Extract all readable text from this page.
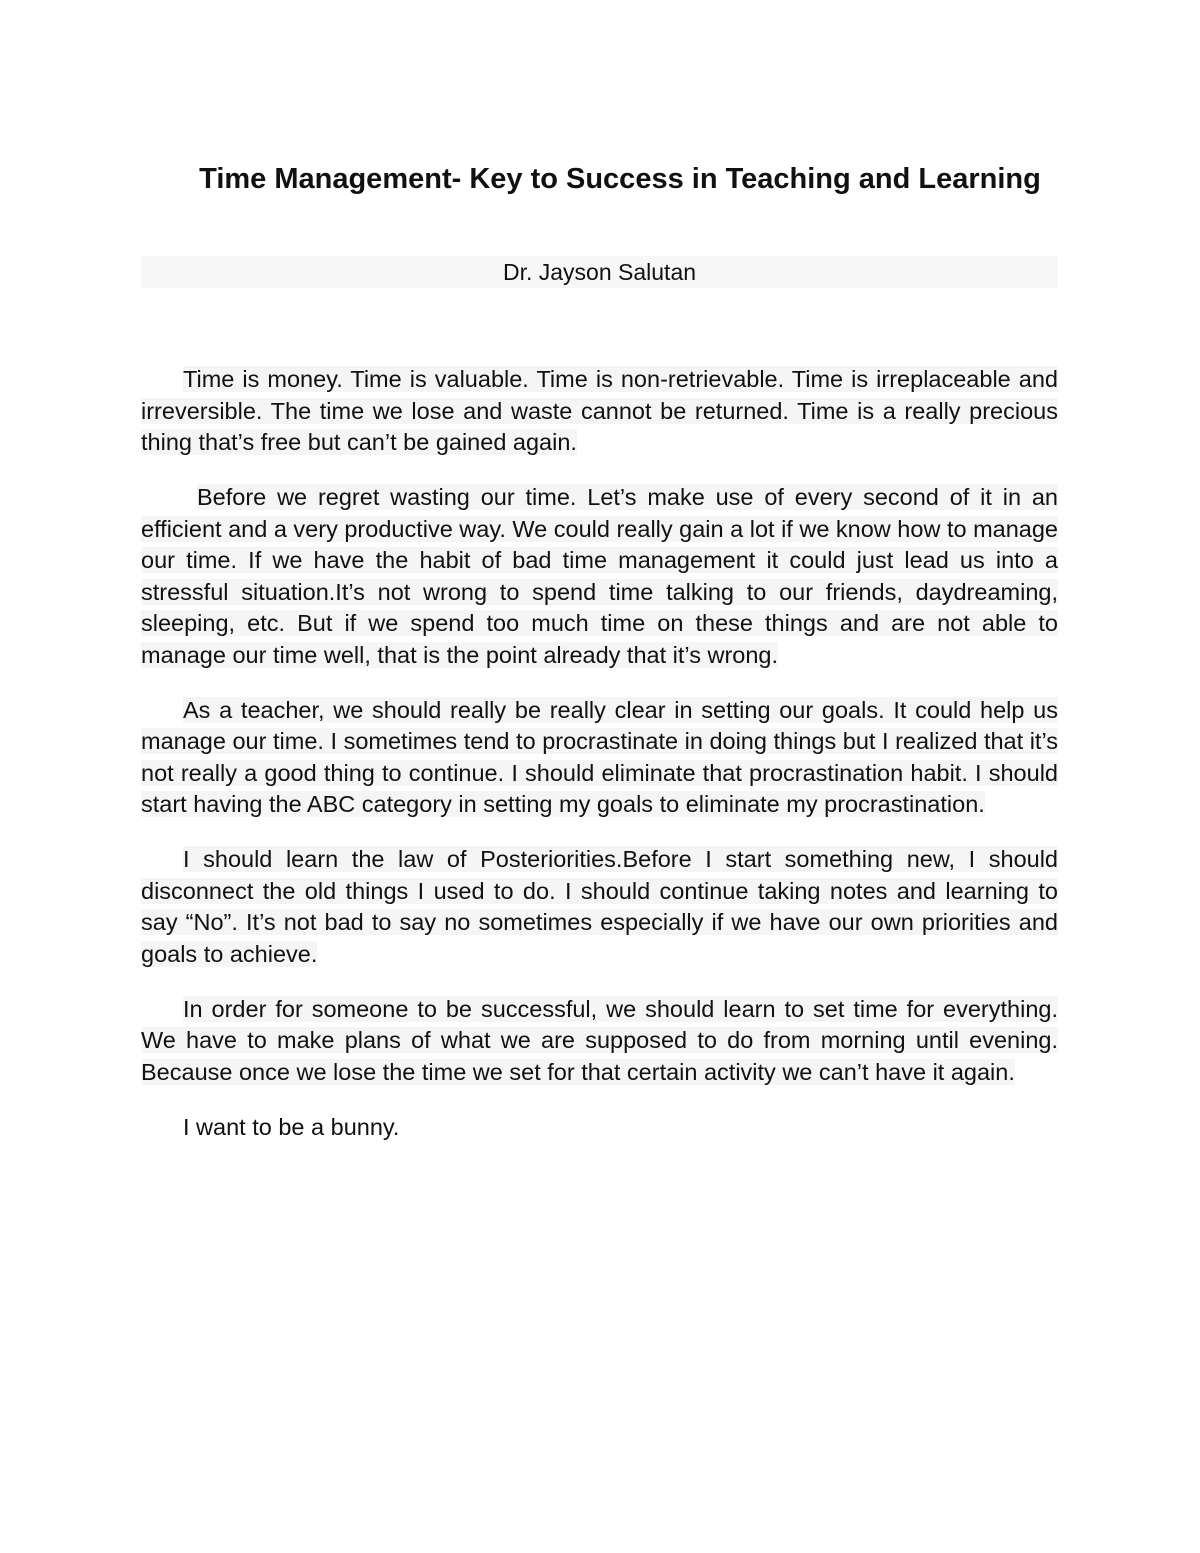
Time Management- Key to Success in Teaching and Learning
Dr. Jayson Salutan

Time is money. Time is valuable. Time is non-retrievable. Time is irreplaceable and irreversible. The time we lose and waste cannot be returned. Time is a really precious thing that’s free but can’t be gained again.

Before we regret wasting our time. Let’s make use of every second of it in an efficient and a very productive way. We could really gain a lot if we know how to manage our time. If we have the habit of bad time management it could just lead us into a stressful situation.It’s not wrong to spend time talking to our friends, daydreaming, sleeping, etc. But if we spend too much time on these things and are not able to manage our time well, that is the point already that it’s wrong.

As a teacher, we should really be really clear in setting our goals. It could help us manage our time. I sometimes tend to procrastinate in doing things but I realized that it’s not really a good thing to continue. I should eliminate that procrastination habit. I should start having the ABC category in setting my goals to eliminate my procrastination.

I should learn the law of Posteriorities.Before I start something new, I should disconnect the old things I used to do. I should continue taking notes and learning to say “No”. It’s not bad to say no sometimes especially if we have our own priorities and goals to achieve.

In order for someone to be successful, we should learn to set time for everything. We have to make plans of what we are supposed to do from morning until evening. Because once we lose the time we set for that certain activity we can’t have it again.

I want to be a bunny.
